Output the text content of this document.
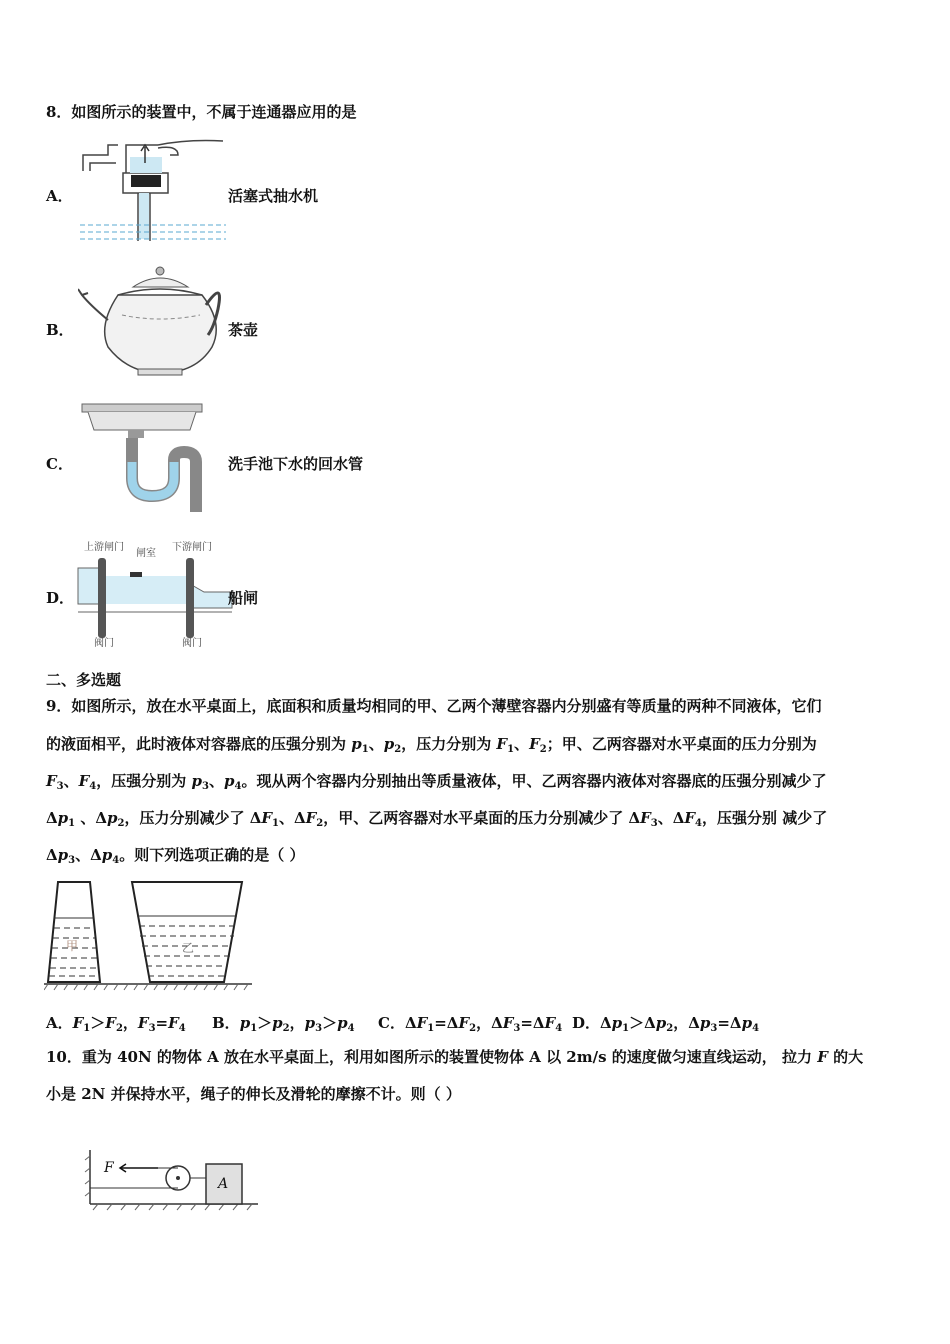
8．如图所示的装置中，不属于连通器应用的是
A．	活塞式抽水机
B．	茶壶
C．	洗手池下水的回水管
D．
上游闸门
闸室
下游闸门
阀门	阀门
船闸
二、多选题
9．如图所示，放在水平桌面上，底面积和质量均相同的甲、乙两个薄壁容器内分别盛有等质量的两种不同液体，它们
的液面相平，此时液体对容器底的压强分别为 $p_1$、$p_2$，压力分别为 $F_1$、$F_2$；甲、乙两容器对水平桌面的压力分别为
$F_3$、$F_4$，压强分别为 $p_3$、$p_4$。现从两个容器内分别抽出等质量液体，甲、乙两容器内液体对容器底的压强分别减少了
$\Delta p_1$ 、$\Delta p_2$，压力分别减少了 $\Delta F_1$、$\Delta F_2$，甲、乙两容器对水平桌面的压力分别减少了 $\Delta F_3$、$\Delta F_4$，压强分别 减少了
$\Delta p_3$、$\Delta p_4$。则下列选项正确的是（ ）
甲	乙
A．$F_1>F_2$，$F_3=F_4$ B．$p_1>p_2$，$p_3>p_4$ C．$\Delta F_1=\Delta F_2$，$\Delta F_3=\Delta F_4$ D．$\Delta p_1>\Delta p_2$，$\Delta p_3=\Delta p_4$
10．重为 40N 的物体 A 放在水平桌面上，利用如图所示的装置使物体 A 以 2m/s 的速度做匀速直线运动， 拉力 F 的大
小是 2N 并保持水平，绳子的伸长及滑轮的摩擦不计。则（ ）
F
A
